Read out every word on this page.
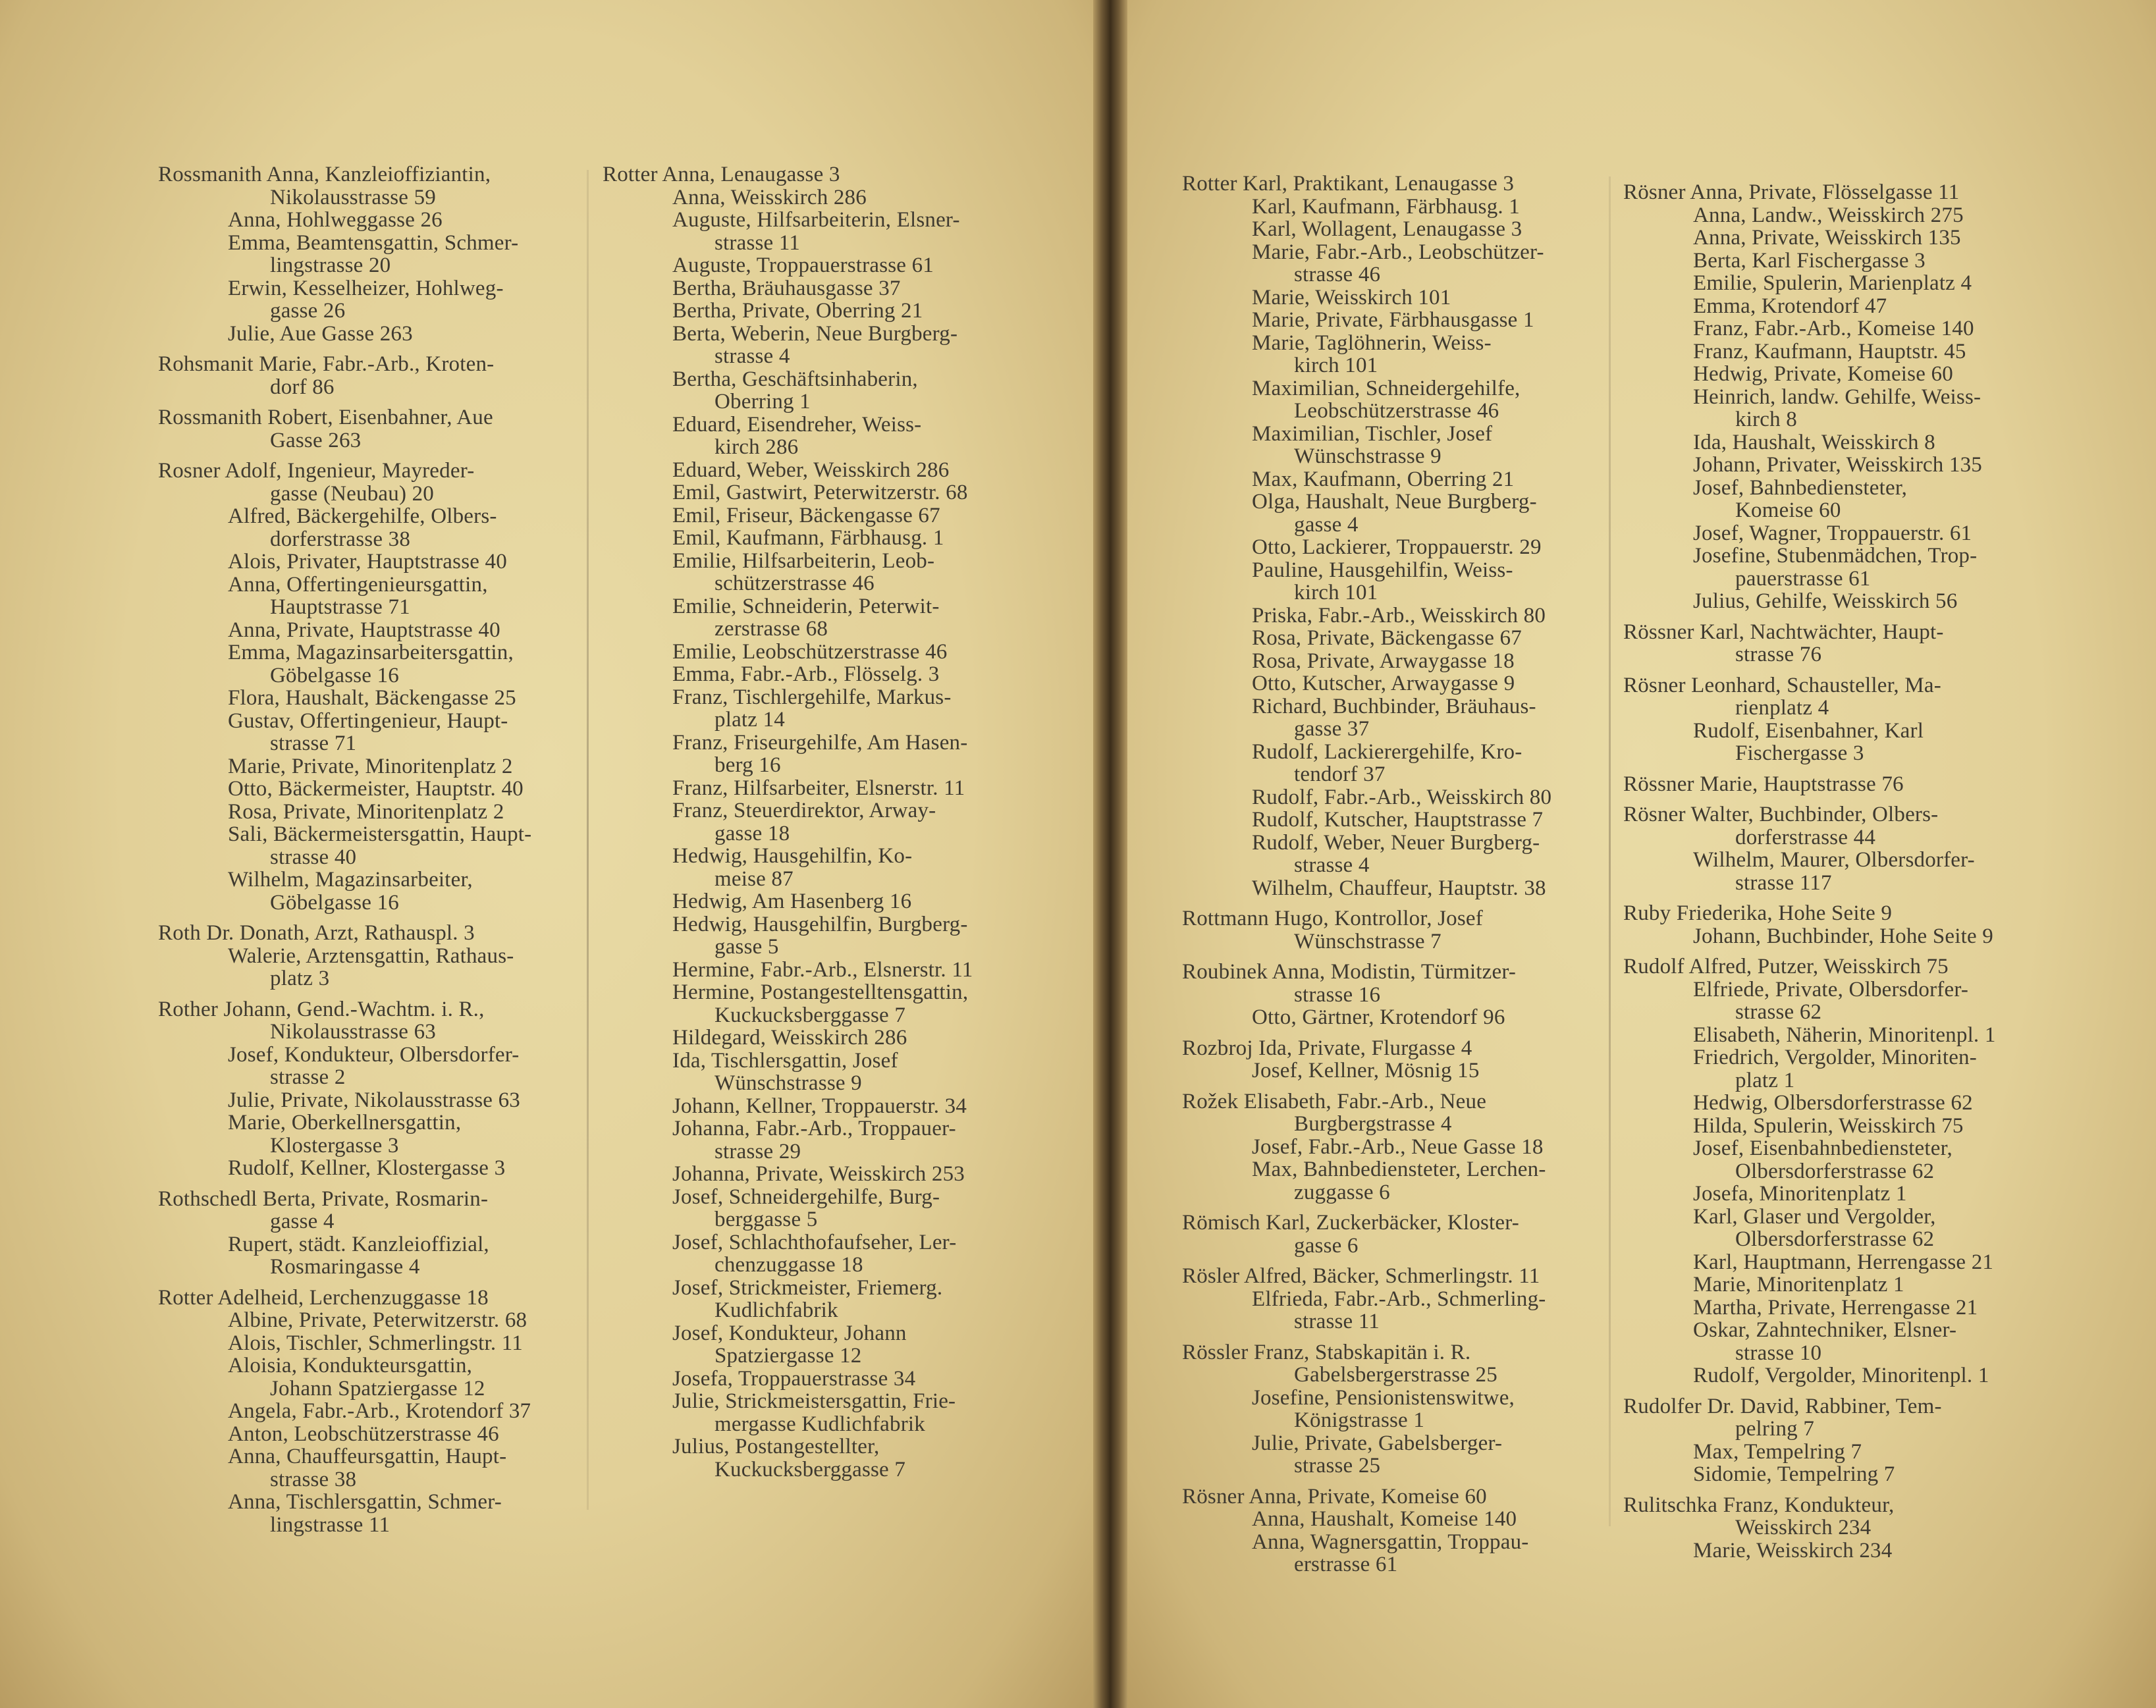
Rossmanith Anna, Kanzleioffiziantin,
Nikolausstrasse 59
Anna, Hohlweggasse 26
Emma, Beamtensgattin, Schmer-
lingstrasse 20
Erwin, Kesselheizer, Hohlweg-
gasse 26
Julie, Aue Gasse 263
Rohsmanit Marie, Fabr.-Arb., Kroten-
dorf 86
Rossmanith Robert, Eisenbahner, Aue
Gasse 263
Rosner Adolf, Ingenieur, Mayreder-
gasse (Neubau) 20
Alfred, Bäckergehilfe, Olbers-
dorferstrasse 38
Alois, Privater, Hauptstrasse 40
Anna, Offertingenieursgattin,
Hauptstrasse 71
Anna, Private, Hauptstrasse 40
Emma, Magazinsarbeitersgattin,
Göbelgasse 16
Flora, Haushalt, Bäckengasse 25
Gustav, Offertingenieur, Haupt-
strasse 71
Marie, Private, Minoritenplatz 2
Otto, Bäckermeister, Hauptstr. 40
Rosa, Private, Minoritenplatz 2
Sali, Bäckermeistersgattin, Haupt-
strasse 40
Wilhelm, Magazinsarbeiter,
Göbelgasse 16
Roth Dr. Donath, Arzt, Rathauspl. 3
Walerie, Arztensgattin, Rathaus-
platz 3
Rother Johann, Gend.-Wachtm. i. R.,
Nikolausstrasse 63
Josef, Kondukteur, Olbersdorfer-
strasse 2
Julie, Private, Nikolausstrasse 63
Marie, Oberkellnersgattin,
Klostergasse 3
Rudolf, Kellner, Klostergasse 3
Rothschedl Berta, Private, Rosmarin-
gasse 4
Rupert, städt. Kanzleioffizial,
Rosmaringasse 4
Rotter Adelheid, Lerchenzuggasse 18
Albine, Private, Peterwitzerstr. 68
Alois, Tischler, Schmerlingstr. 11
Aloisia, Kondukteursgattin,
Johann Spatziergasse 12
Angela, Fabr.-Arb., Krotendorf 37
Anton, Leobschützerstrasse 46
Anna, Chauffeursgattin, Haupt-
strasse 38
Anna, Tischlersgattin, Schmer-
lingstrasse 11
Rotter Anna, Lenaugasse 3
Anna, Weisskirch 286
Auguste, Hilfsarbeiterin, Elsner-
strasse 11
Auguste, Troppauerstrasse 61
Bertha, Bräuhausgasse 37
Bertha, Private, Oberring 21
Berta, Weberin, Neue Burgberg-
strasse 4
Bertha, Geschäftsinhaberin,
Oberring 1
Eduard, Eisendreher, Weiss-
kirch 286
Eduard, Weber, Weisskirch 286
Emil, Gastwirt, Peterwitzerstr. 68
Emil, Friseur, Bäckengasse 67
Emil, Kaufmann, Färbhausg. 1
Emilie, Hilfsarbeiterin, Leob-
schützerstrasse 46
Emilie, Schneiderin, Peterwit-
zerstrasse 68
Emilie, Leobschützerstrasse 46
Emma, Fabr.-Arb., Flösselg. 3
Franz, Tischlergehilfe, Markus-
platz 14
Franz, Friseurgehilfe, Am Hasen-
berg 16
Franz, Hilfsarbeiter, Elsnerstr. 11
Franz, Steuerdirektor, Arway-
gasse 18
Hedwig, Hausgehilfin, Ko-
meise 87
Hedwig, Am Hasenberg 16
Hedwig, Hausgehilfin, Burgberg-
gasse 5
Hermine, Fabr.-Arb., Elsnerstr. 11
Hermine, Postangestelltensgattin,
Kuckucksberggasse 7
Hildegard, Weisskirch 286
Ida, Tischlersgattin, Josef
Wünschstrasse 9
Johann, Kellner, Troppauerstr. 34
Johanna, Fabr.-Arb., Troppauer-
strasse 29
Johanna, Private, Weisskirch 253
Josef, Schneidergehilfe, Burg-
berggasse 5
Josef, Schlachthofaufseher, Ler-
chenzuggasse 18
Josef, Strickmeister, Friemerg.
Kudlichfabrik
Josef, Kondukteur, Johann
Spatziergasse 12
Josefa, Troppauerstrasse 34
Julie, Strickmeistersgattin, Frie-
mergasse Kudlichfabrik
Julius, Postangestellter,
Kuckucksberggasse 7
Rotter Karl, Praktikant, Lenaugasse 3
Karl, Kaufmann, Färbhausg. 1
Karl, Wollagent, Lenaugasse 3
Marie, Fabr.-Arb., Leobschützer-
strasse 46
Marie, Weisskirch 101
Marie, Private, Färbhausgasse 1
Marie, Taglöhnerin, Weiss-
kirch 101
Maximilian, Schneidergehilfe,
Leobschützerstrasse 46
Maximilian, Tischler, Josef
Wünschstrasse 9
Max, Kaufmann, Oberring 21
Olga, Haushalt, Neue Burgberg-
gasse 4
Otto, Lackierer, Troppauerstr. 29
Pauline, Hausgehilfin, Weiss-
kirch 101
Priska, Fabr.-Arb., Weisskirch 80
Rosa, Private, Bäckengasse 67
Rosa, Private, Arwaygasse 18
Otto, Kutscher, Arwaygasse 9
Richard, Buchbinder, Bräuhaus-
gasse 37
Rudolf, Lackierergehilfe, Kro-
tendorf 37
Rudolf, Fabr.-Arb., Weisskirch 80
Rudolf, Kutscher, Hauptstrasse 7
Rudolf, Weber, Neuer Burgberg-
strasse 4
Wilhelm, Chauffeur, Hauptstr. 38
Rottmann Hugo, Kontrollor, Josef
Wünschstrasse 7
Roubinek Anna, Modistin, Türmitzer-
strasse 16
Otto, Gärtner, Krotendorf 96
Rozbroj Ida, Private, Flurgasse 4
Josef, Kellner, Mösnig 15
Rožek Elisabeth, Fabr.-Arb., Neue
Burgbergstrasse 4
Josef, Fabr.-Arb., Neue Gasse 18
Max, Bahnbediensteter, Lerchen-
zuggasse 6
Römisch Karl, Zuckerbäcker, Kloster-
gasse 6
Rösler Alfred, Bäcker, Schmerlingstr. 11
Elfrieda, Fabr.-Arb., Schmerling-
strasse 11
Rössler Franz, Stabskapitän i. R.
Gabelsbergerstrasse 25
Josefine, Pensionistenswitwe,
Königstrasse 1
Julie, Private, Gabelsberger-
strasse 25
Rösner Anna, Private, Komeise 60
Anna, Haushalt, Komeise 140
Anna, Wagnersgattin, Troppau-
erstrasse 61
Rösner Anna, Private, Flösselgasse 11
Anna, Landw., Weisskirch 275
Anna, Private, Weisskirch 135
Berta, Karl Fischergasse 3
Emilie, Spulerin, Marienplatz 4
Emma, Krotendorf 47
Franz, Fabr.-Arb., Komeise 140
Franz, Kaufmann, Hauptstr. 45
Hedwig, Private, Komeise 60
Heinrich, landw. Gehilfe, Weiss-
kirch 8
Ida, Haushalt, Weisskirch 8
Johann, Privater, Weisskirch 135
Josef, Bahnbediensteter,
Komeise 60
Josef, Wagner, Troppauerstr. 61
Josefine, Stubenmädchen, Trop-
pauerstrasse 61
Julius, Gehilfe, Weisskirch 56
Rössner Karl, Nachtwächter, Haupt-
strasse 76
Rösner Leonhard, Schausteller, Ma-
rienplatz 4
Rudolf, Eisenbahner, Karl
Fischergasse 3
Rössner Marie, Hauptstrasse 76
Rösner Walter, Buchbinder, Olbers-
dorferstrasse 44
Wilhelm, Maurer, Olbersdorfer-
strasse 117
Ruby Friederika, Hohe Seite 9
Johann, Buchbinder, Hohe Seite 9
Rudolf Alfred, Putzer, Weisskirch 75
Elfriede, Private, Olbersdorfer-
strasse 62
Elisabeth, Näherin, Minoritenpl. 1
Friedrich, Vergolder, Minoriten-
platz 1
Hedwig, Olbersdorferstrasse 62
Hilda, Spulerin, Weisskirch 75
Josef, Eisenbahnbediensteter,
Olbersdorferstrasse 62
Josefa, Minoritenplatz 1
Karl, Glaser und Vergolder,
Olbersdorferstrasse 62
Karl, Hauptmann, Herrengasse 21
Marie, Minoritenplatz 1
Martha, Private, Herrengasse 21
Oskar, Zahntechniker, Elsner-
strasse 10
Rudolf, Vergolder, Minoritenpl. 1
Rudolfer Dr. David, Rabbiner, Tem-
pelring 7
Max, Tempelring 7
Sidomie, Tempelring 7
Rulitschka Franz, Kondukteur,
Weisskirch 234
Marie, Weisskirch 234
